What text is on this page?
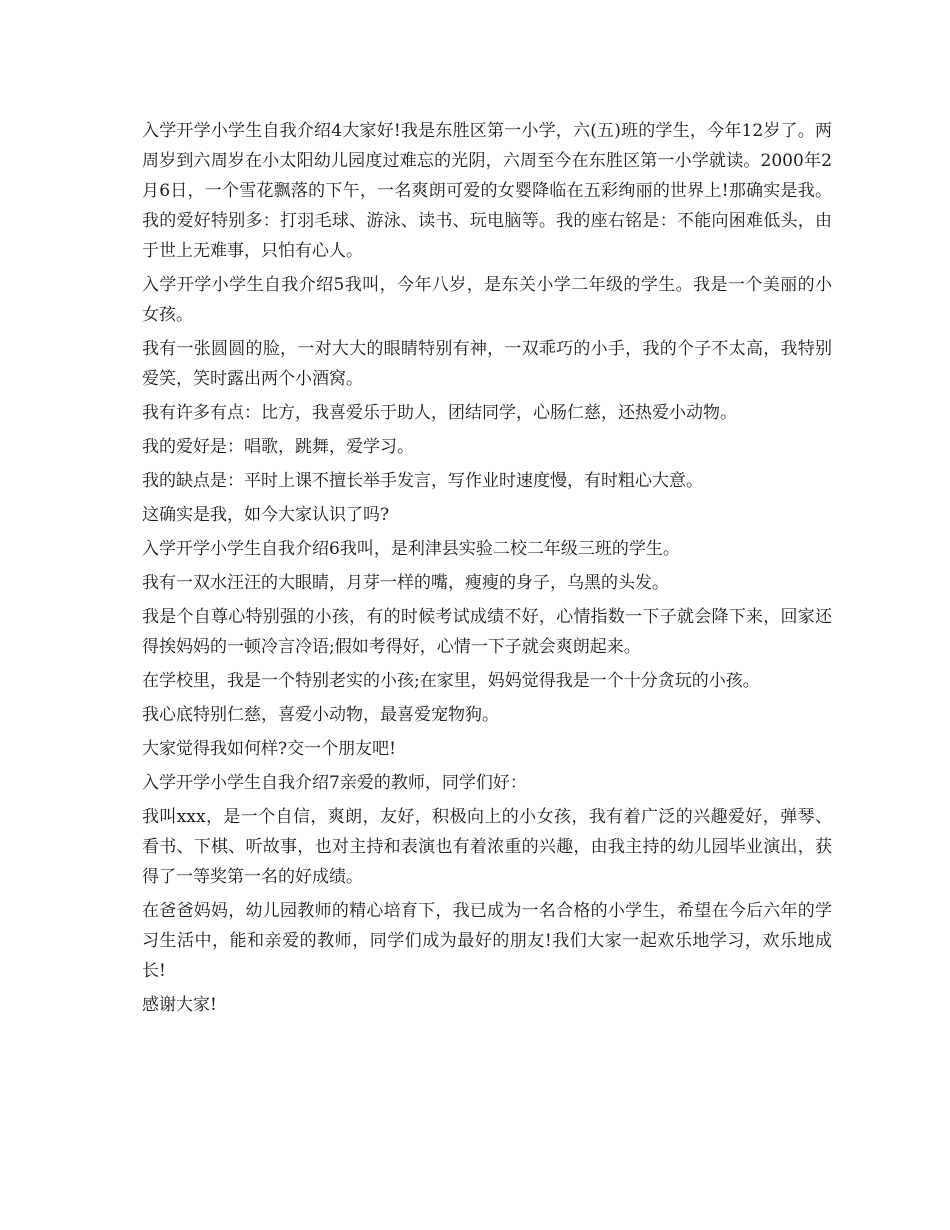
入学开学小学生自我介绍4大家好!我是东胜区第一小学，六(五)班的学生，今年12岁了。两周岁到六周岁在小太阳幼儿园度过难忘的光阴，六周至今在东胜区第一小学就读。2000年2月6日，一个雪花飘落的下午，一名爽朗可爱的女婴降临在五彩绚丽的世界上!那确实是我。我的爱好特别多：打羽毛球、游泳、读书、玩电脑等。我的座右铭是：不能向困难低头，由于世上无难事，只怕有心人。

入学开学小学生自我介绍5我叫，今年八岁，是东关小学二年级的学生。我是一个美丽的小女孩。

我有一张圆圆的脸，一对大大的眼睛特别有神，一双乖巧的小手，我的个子不太高，我特别爱笑，笑时露出两个小酒窝。

我有许多有点：比方，我喜爱乐于助人，团结同学，心肠仁慈，还热爱小动物。

我的爱好是：唱歌，跳舞，爱学习。

我的缺点是：平时上课不擅长举手发言，写作业时速度慢，有时粗心大意。

这确实是我，如今大家认识了吗?

入学开学小学生自我介绍6我叫，是利津县实验二校二年级三班的学生。

我有一双水汪汪的大眼睛，月芽一样的嘴，瘦瘦的身子，乌黑的头发。

我是个自尊心特别强的小孩，有的时候考试成绩不好，心情指数一下子就会降下来，回家还得挨妈妈的一顿冷言冷语;假如考得好，心情一下子就会爽朗起来。

在学校里，我是一个特别老实的小孩;在家里，妈妈觉得我是一个十分贪玩的小孩。

我心底特别仁慈，喜爱小动物，最喜爱宠物狗。

大家觉得我如何样?交一个朋友吧!

入学开学小学生自我介绍7亲爱的教师，同学们好：

我叫xxx，是一个自信，爽朗，友好，积极向上的小女孩，我有着广泛的兴趣爱好，弹琴、看书、下棋、听故事，也对主持和表演也有着浓重的兴趣，由我主持的幼儿园毕业演出，获得了一等奖第一名的好成绩。

在爸爸妈妈，幼儿园教师的精心培育下，我已成为一名合格的小学生，希望在今后六年的学习生活中，能和亲爱的教师，同学们成为最好的朋友!我们大家一起欢乐地学习，欢乐地成长!

感谢大家!
